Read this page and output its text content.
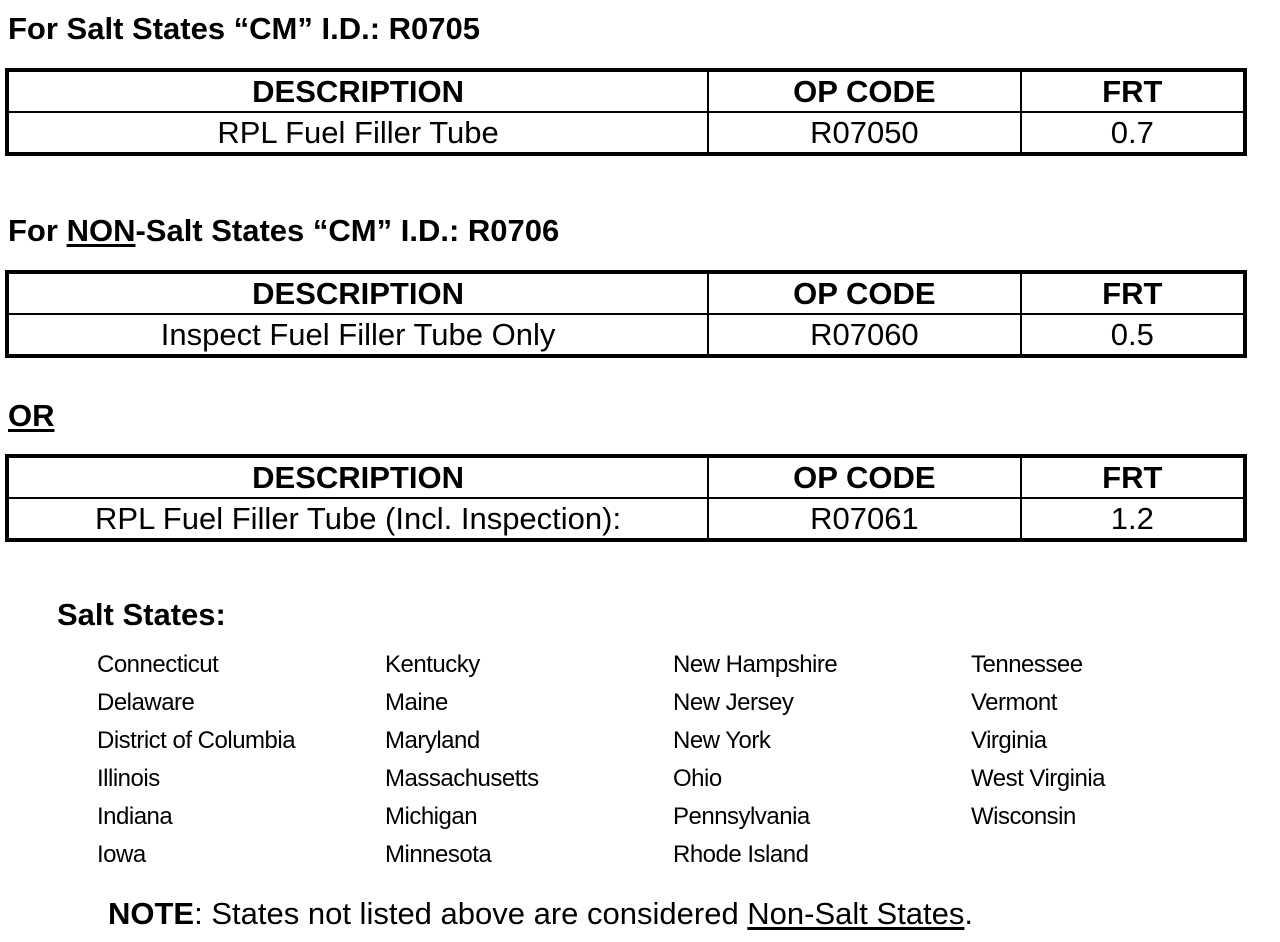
For Salt States “CM” I.D.: R0705
DESCRIPTION	OP CODE	FRT
RPL Fuel Filler Tube	R07050	0.7
For NON-Salt States “CM” I.D.: R0706
DESCRIPTION	OP CODE	FRT
Inspect Fuel Filler Tube Only	R07060	0.5
OR
DESCRIPTION	OP CODE	FRT
RPL Fuel Filler Tube (Incl. Inspection):	R07061	1.2
Salt States:
Connecticut
Delaware
District of Columbia
Illinois
Indiana
Iowa
Kentucky
Maine
Maryland
Massachusetts
Michigan
Minnesota
New Hampshire
New Jersey
New York
Ohio
Pennsylvania
Rhode Island
Tennessee
Vermont
Virginia
West Virginia
Wisconsin
NOTE: States not listed above are considered Non-Salt States.
